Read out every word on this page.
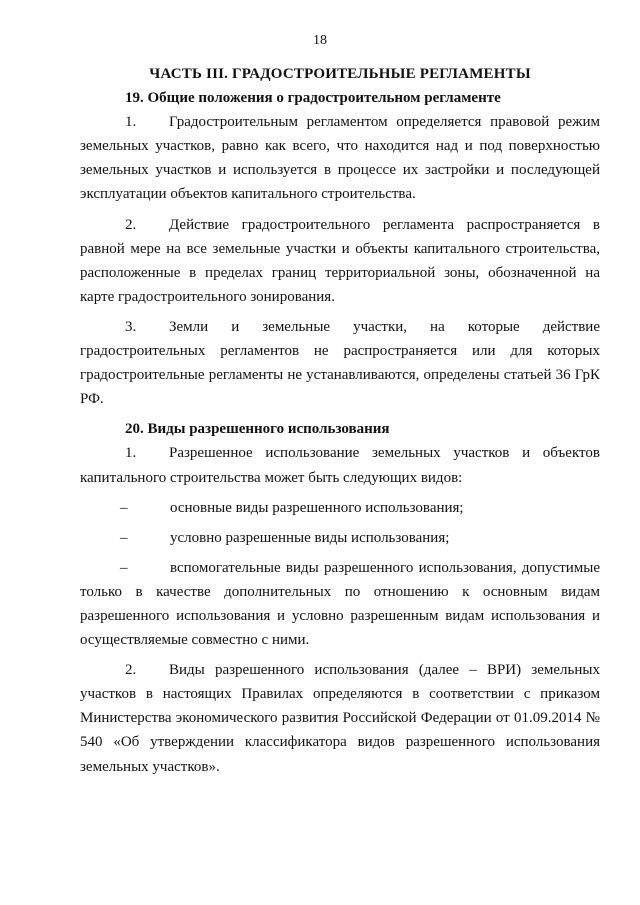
18
ЧАСТЬ III. ГРАДОСТРОИТЕЛЬНЫЕ РЕГЛАМЕНТЫ
19. Общие положения о градостроительном регламенте

1. Градостроительным регламентом определяется правовой режим земельных участков, равно как всего, что находится над и под поверхностью земельных участков и используется в процессе их застройки и последующей эксплуатации объектов капитального строительства.

2. Действие градостроительного регламента распространяется в равной мере на все земельные участки и объекты капитального строительства, расположенные в пределах границ территориальной зоны, обозначенной на карте градостроительного зонирования.

3. Земли и земельные участки, на которые действие градостроительных регламентов не распространяется или для которых градостроительные регламенты не устанавливаются, определены статьей 36 ГрК РФ.

20. Виды разрешенного использования

1. Разрешенное использование земельных участков и объектов капитального строительства может быть следующих видов:

–	основные виды разрешенного использования;
–	условно разрешенные виды использования;

–	вспомогательные виды разрешенного использования, допустимые только в качестве дополнительных по отношению к основным видам разрешенного использования и условно разрешенным видам использования и осуществляемые совместно с ними.

2. Виды разрешенного использования (далее – ВРИ) земельных участков в настоящих Правилах определяются в соответствии с приказом Министерства экономического развития Российской Федерации от 01.09.2014 № 540 «Об утверждении классификатора видов разрешенного использования земельных участков».
